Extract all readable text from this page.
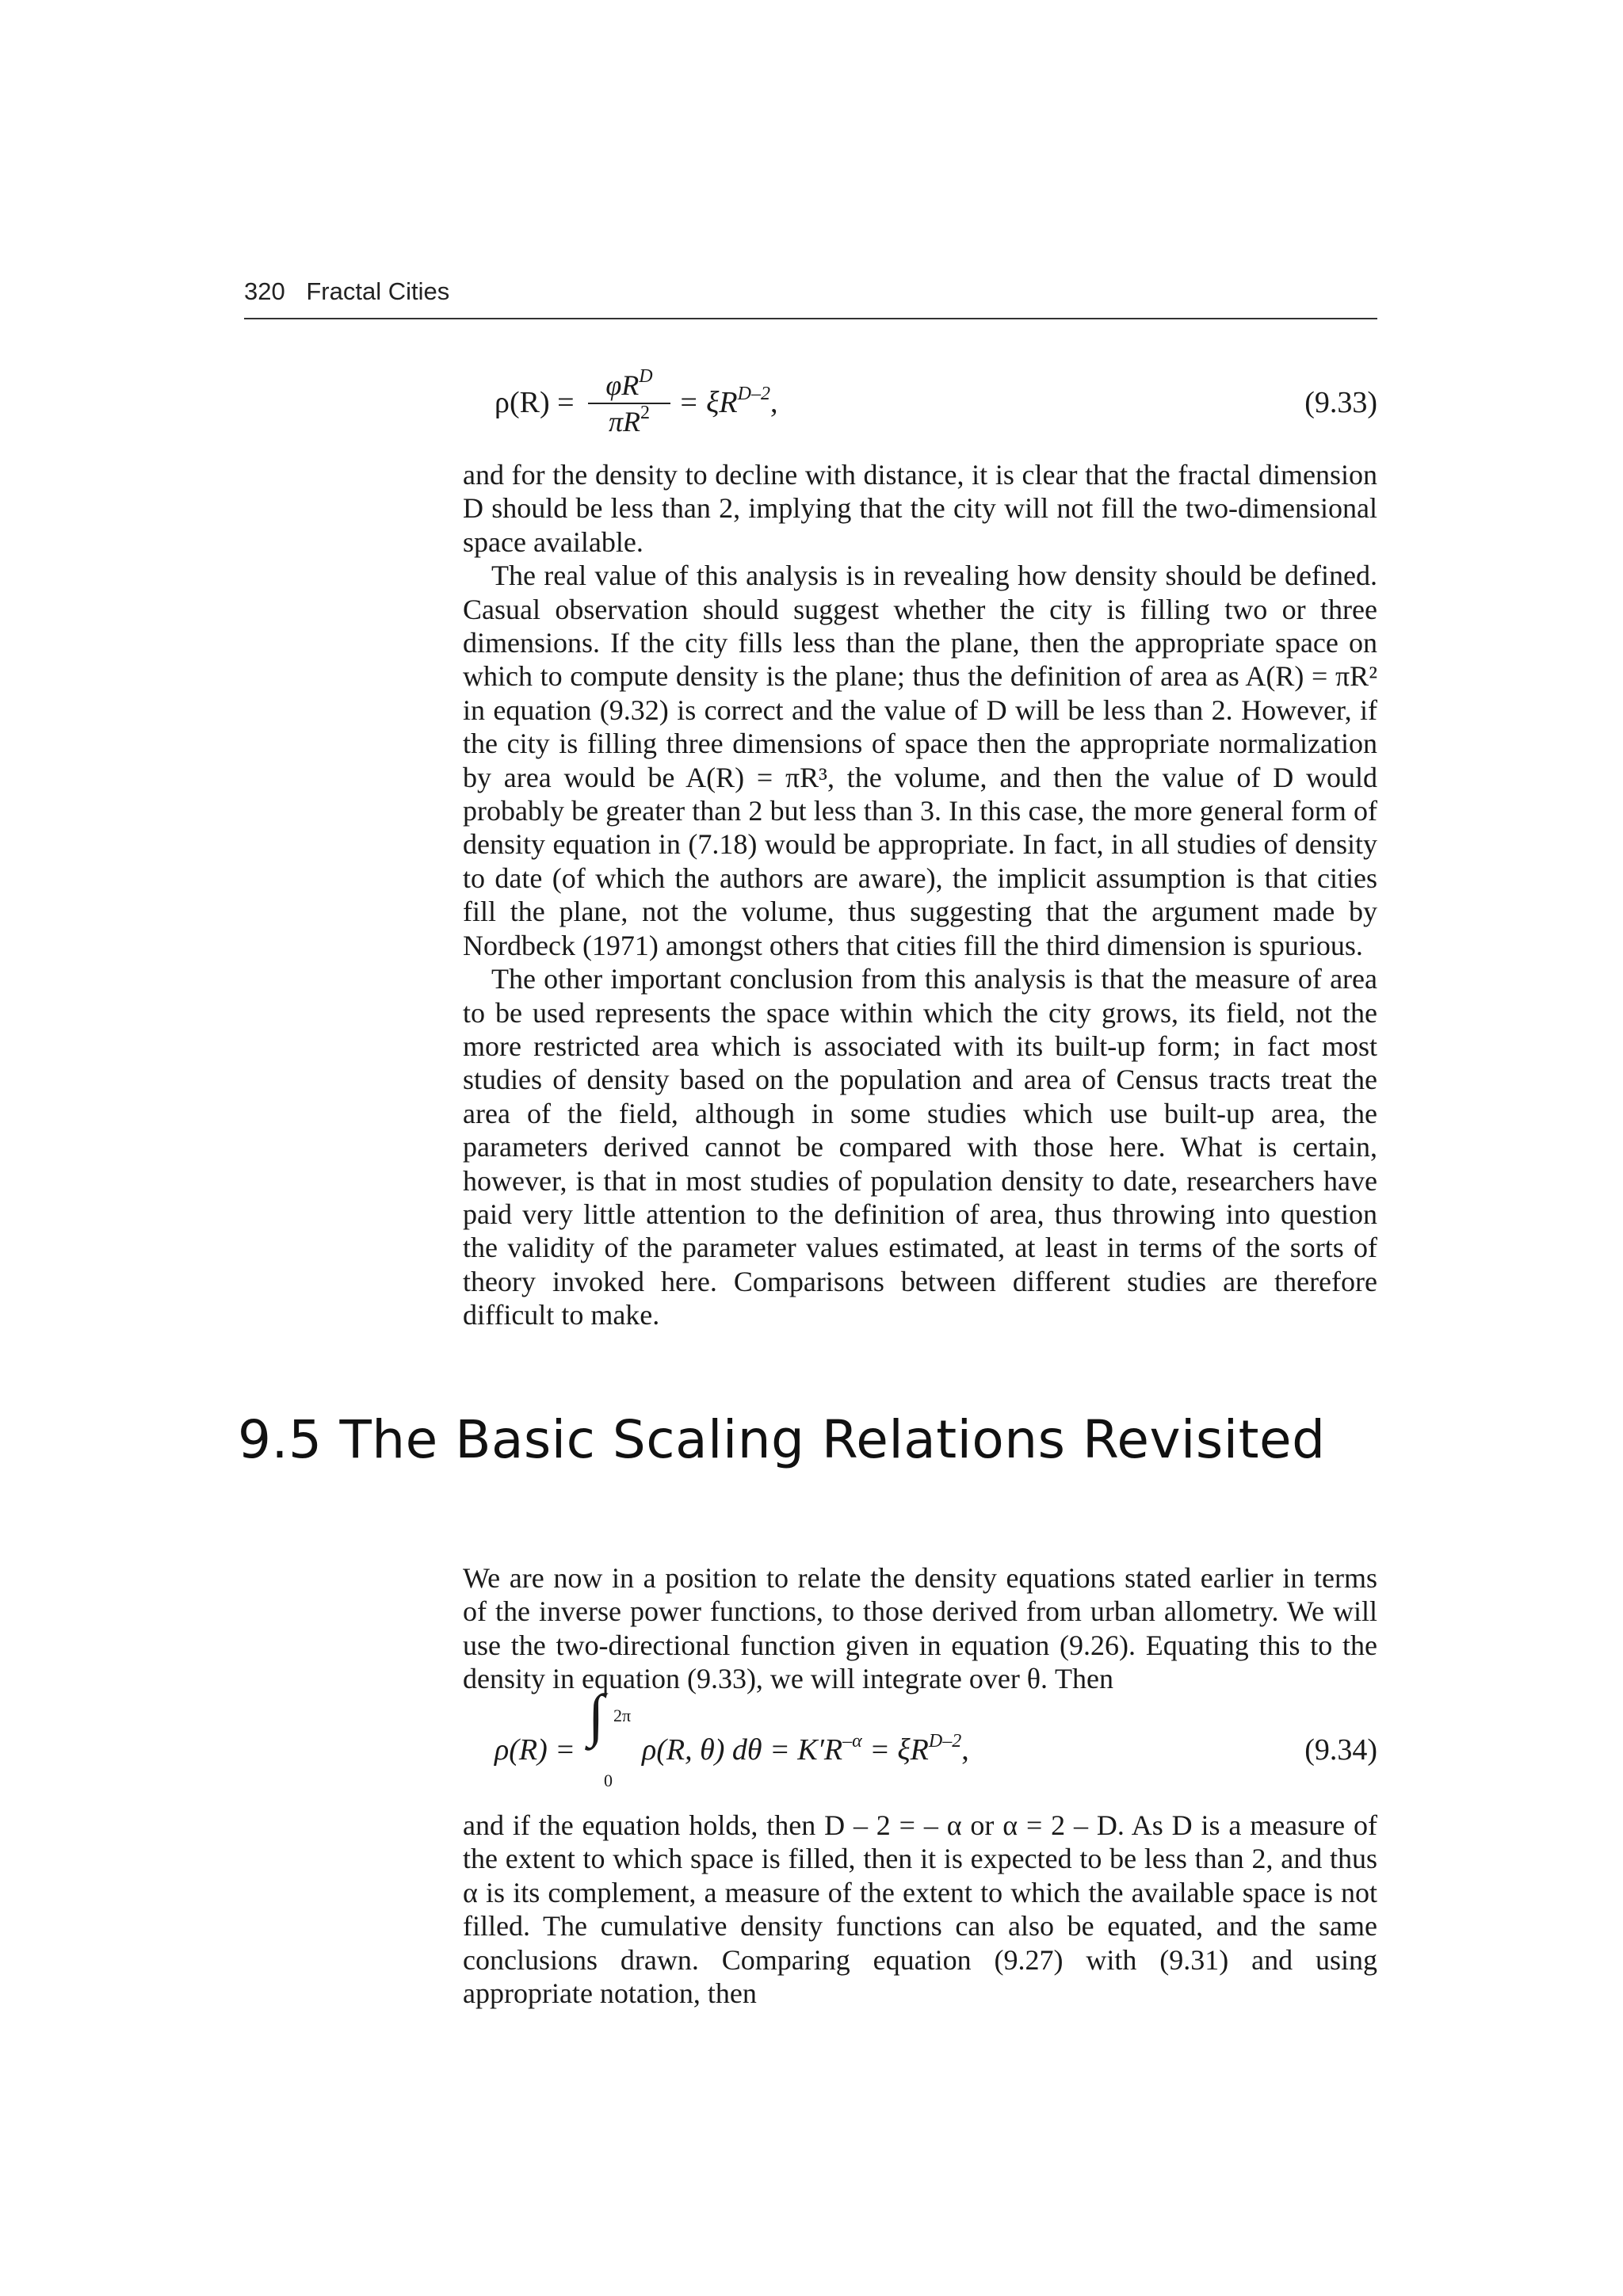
320 Fractal Cities
ρ(R) =
$\varphi R^D$
$\pi R^2 = \xi R^{D-2}$,	(9.33)

and for the density to decline with distance, it is clear that the fractal dimension D should be less than 2, implying that the city will not fill the two-dimensional space available.

The real value of this analysis is in revealing how density should be defined. Casual observation should suggest whether the city is filling two or three dimensions. If the city fills less than the plane, then the appropriate space on which to compute density is the plane; thus the definition of area as A(R) = πR² in equation (9.32) is correct and the value of D will be less than 2. However, if the city is filling three dimensions of space then the appropriate normalization by area would be A(R) = πR³, the volume, and then the value of D would probably be greater than 2 but less than 3. In this case, the more general form of density equation in (7.18) would be appropriate. In fact, in all studies of density to date (of which the authors are aware), the implicit assumption is that cities fill the plane, not the volume, thus suggesting that the argument made by Nordbeck (1971) amongst others that cities fill the third dimension is spurious.

The other important conclusion from this analysis is that the measure of area to be used represents the space within which the city grows, its field, not the more restricted area which is associated with its built-up form; in fact most studies of density based on the population and area of Census tracts treat the area of the field, although in some studies which use built-up area, the parameters derived cannot be compared with those here. What is certain, however, is that in most studies of population density to date, researchers have paid very little attention to the definition of area, thus throwing into question the validity of the parameter values estimated, at least in terms of the sorts of theory invoked here. Comparisons between different studies are therefore difficult to make.

9.5 The Basic Scaling Relations Revisited

We are now in a position to relate the density equations stated earlier in terms of the inverse power functions, to those derived from urban allometry. We will use the two-directional function given in equation (9.26). Equating this to the density in equation (9.33), we will integrate over θ. Then

ρ(R) =
∫ 2π
0
ρ(R, θ) $d\theta = K'R^{-\alpha} = \xi R^{D-2}$,	(9.34)

and if the equation holds, then D – 2 = – α or α = 2 – D. As D is a measure of the extent to which space is filled, then it is expected to be less than 2, and thus α is its complement, a measure of the extent to which the available space is not filled. The cumulative density functions can also be equated, and the same conclusions drawn. Comparing equation (9.27) with (9.31) and using appropriate notation, then
